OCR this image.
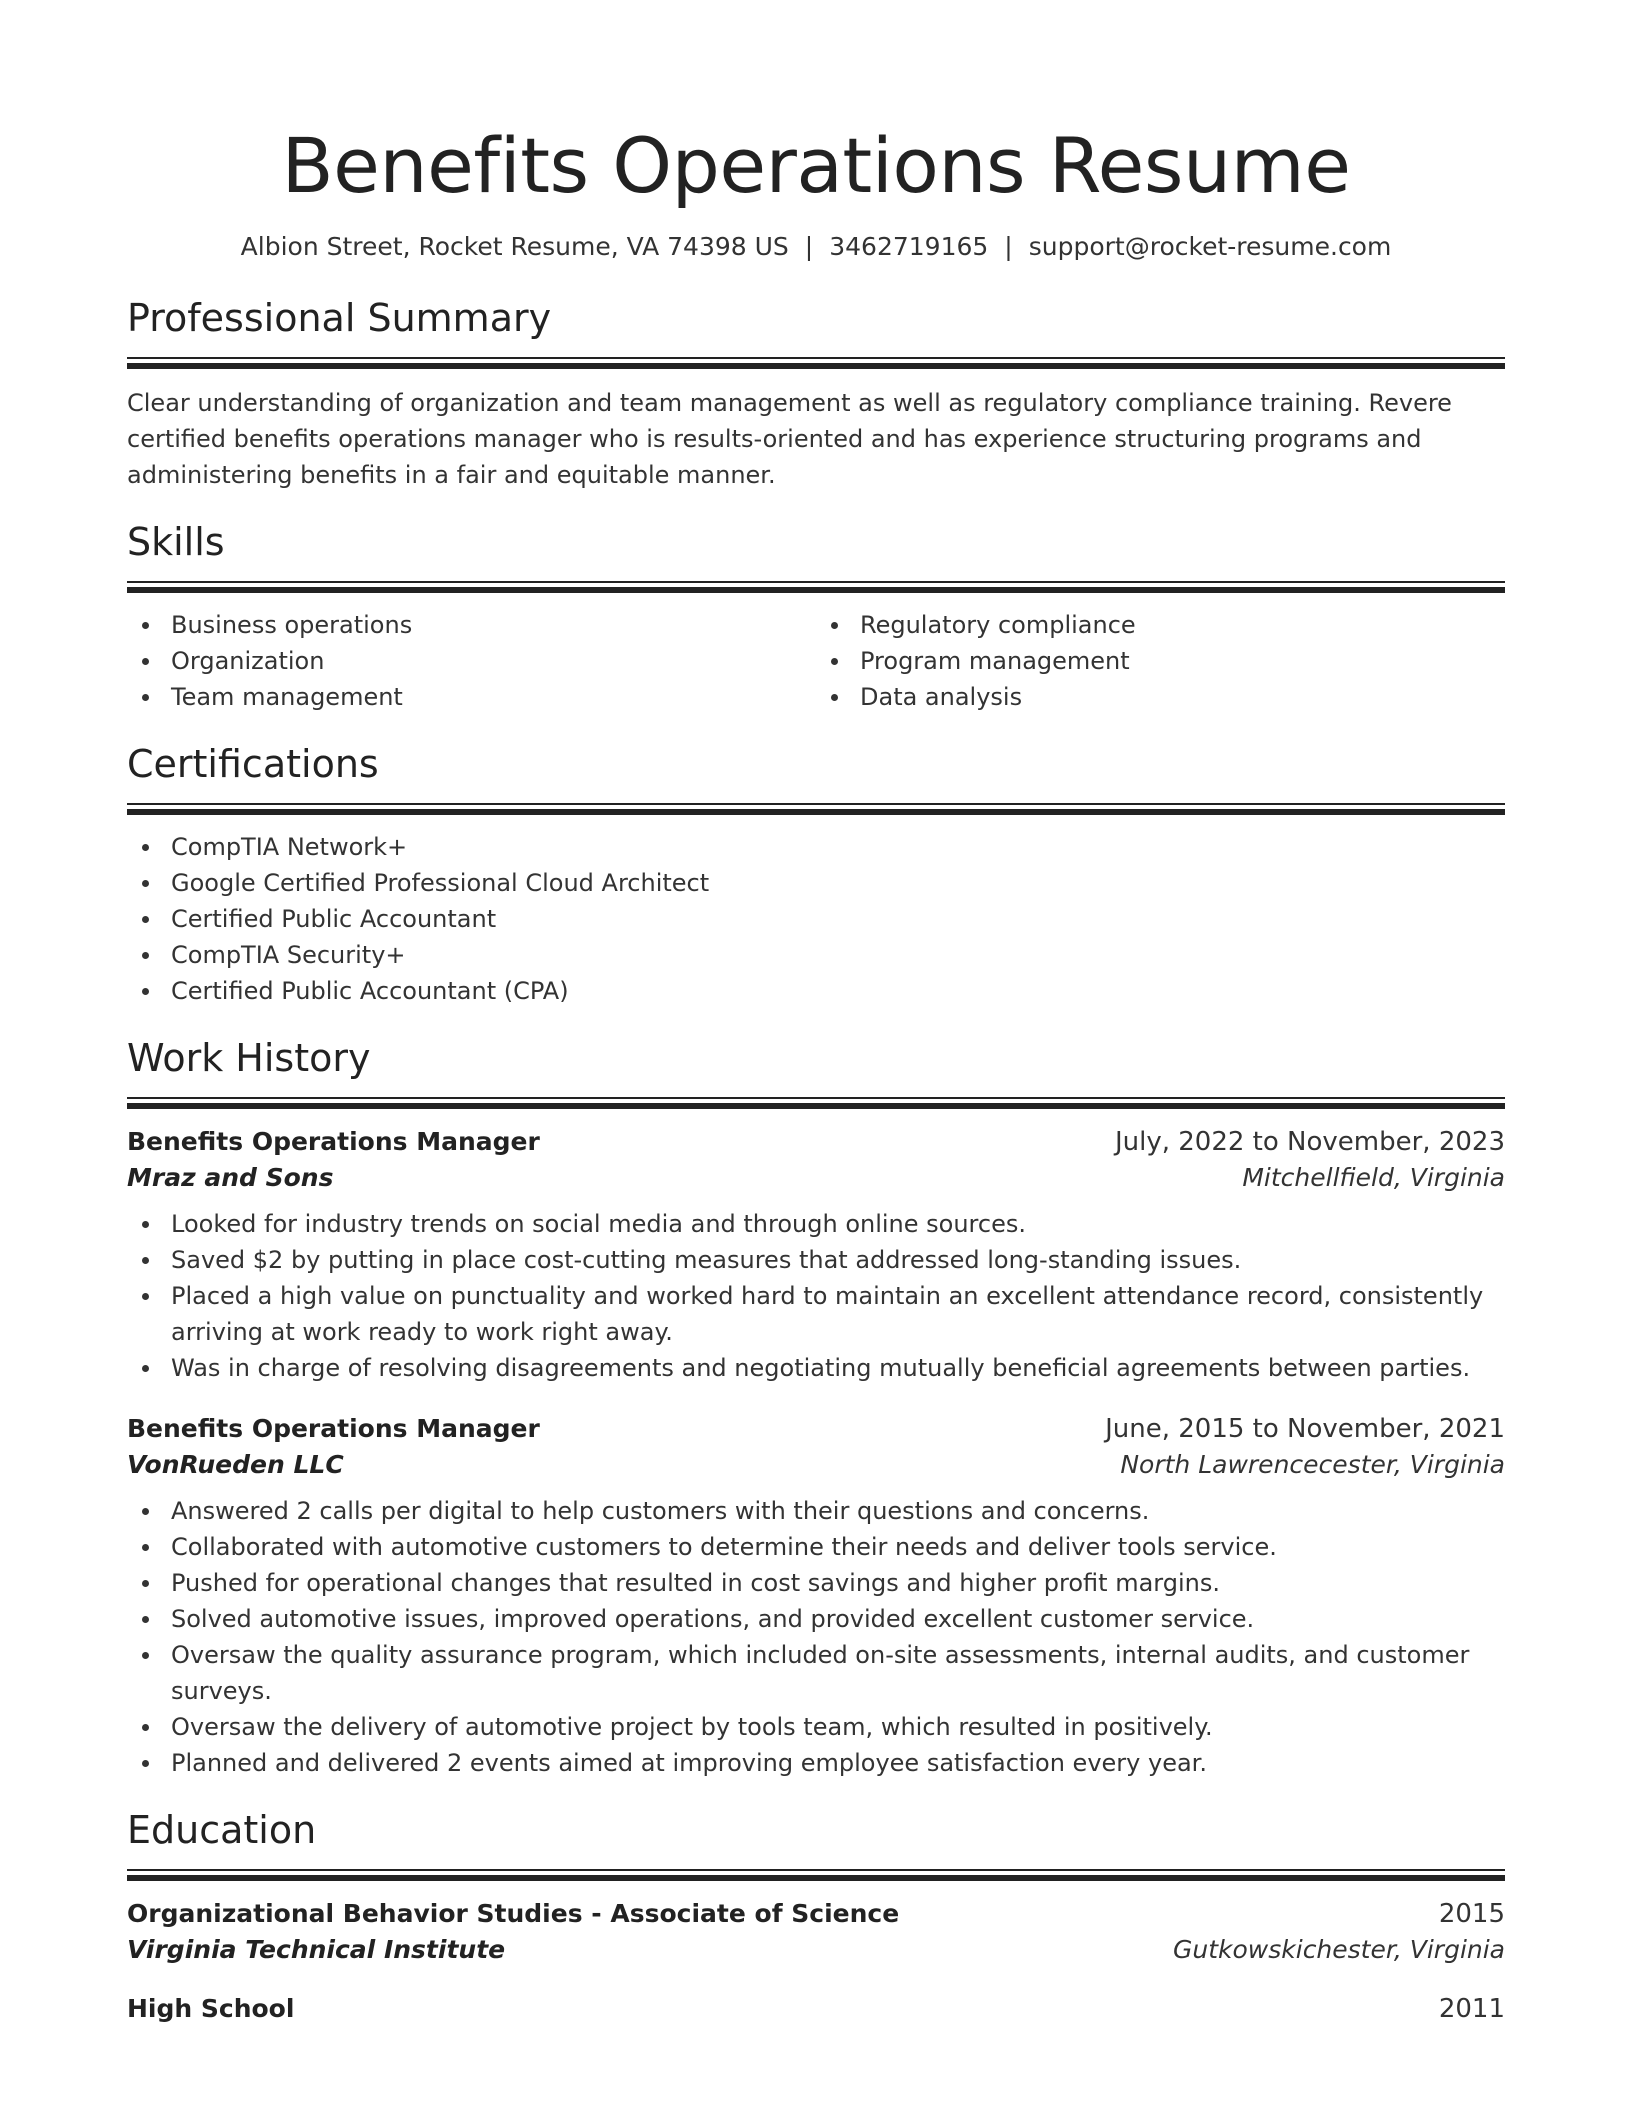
Benefits Operations Resume
Albion Street, Rocket Resume, VA 74398 US | 3462719165 | support@rocket-resume.com
Professional Summary

Clear understanding of organization and team management as well as regulatory compliance training. Revere certified benefits operations manager who is results-oriented and has experience structuring programs and administering benefits in a fair and equitable manner.

Skills
Business operations
Organization
Team management
Regulatory compliance
Program management
Data analysis
Certifications
CompTIA Network+
Google Certified Professional Cloud Architect
Certified Public Accountant
CompTIA Security+
Certified Public Accountant (CPA)
Work History
Benefits Operations Manager	July, 2022 to November, 2023
Mraz and Sons	Mitchellfield, Virginia
Looked for industry trends on social media and through online sources.
Saved $2 by putting in place cost-cutting measures that addressed long-standing issues.
Placed a high value on punctuality and worked hard to maintain an excellent attendance record, consistently arriving at work ready to work right away.
Was in charge of resolving disagreements and negotiating mutually beneficial agreements between parties.
Benefits Operations Manager	June, 2015 to November, 2021
VonRueden LLC	North Lawrencecester, Virginia
Answered 2 calls per digital to help customers with their questions and concerns.
Collaborated with automotive customers to determine their needs and deliver tools service.
Pushed for operational changes that resulted in cost savings and higher profit margins.
Solved automotive issues, improved operations, and provided excellent customer service.
Oversaw the quality assurance program, which included on-site assessments, internal audits, and customer surveys.
Oversaw the delivery of automotive project by tools team, which resulted in positively.
Planned and delivered 2 events aimed at improving employee satisfaction every year.
Education
Organizational Behavior Studies - Associate of Science	2015
Virginia Technical Institute	Gutkowskichester, Virginia
High School	2011
